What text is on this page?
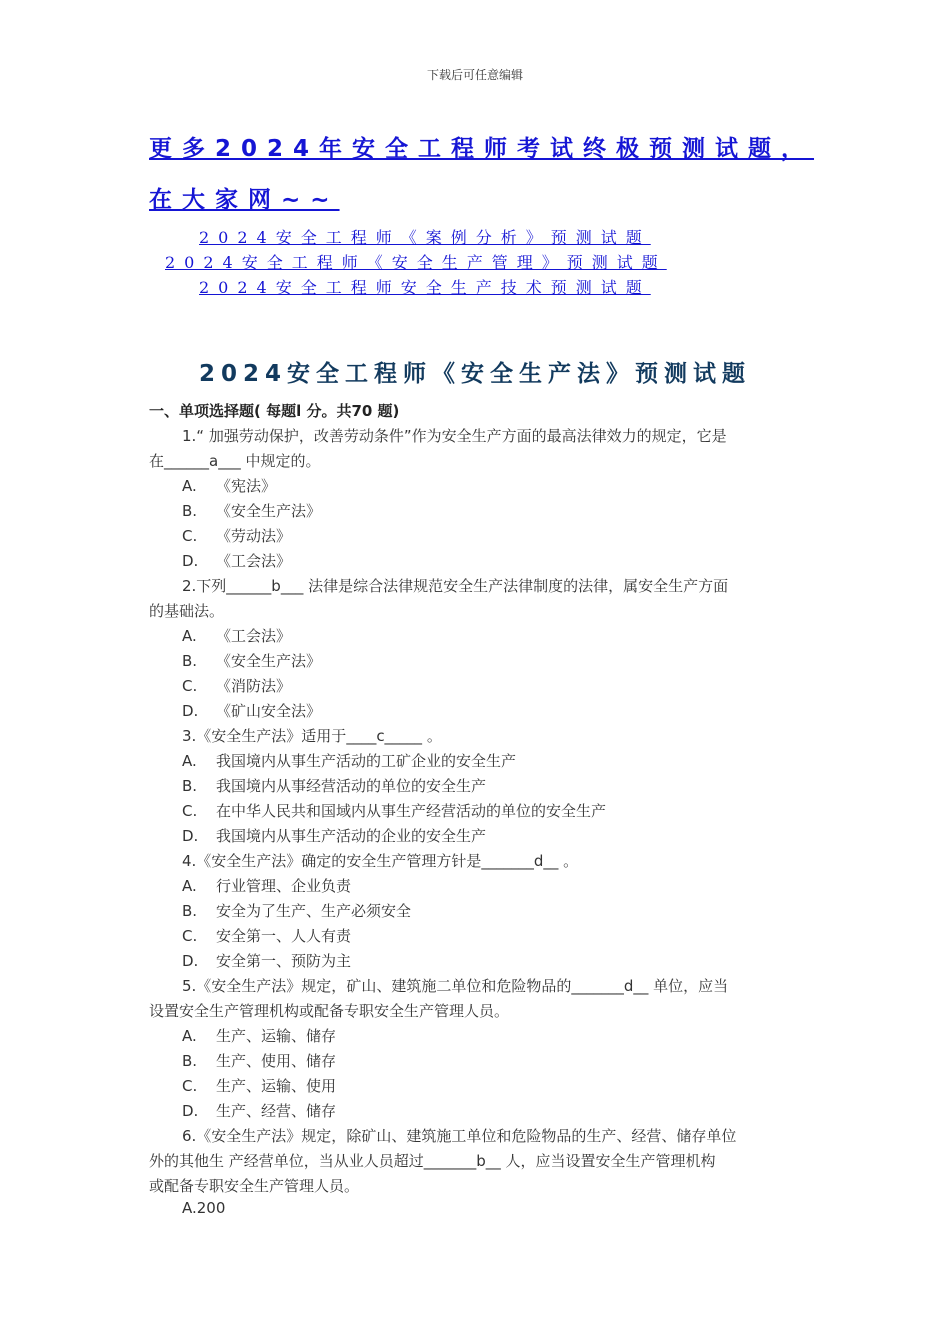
下载后可任意编辑
更多2024年安全工程师考试终极预测试题，
在大家网~~
2024安全工程师《案例分析》预测试题
2024安全工程师《安全生产管理》预测试题
2024安全工程师安全生产技术预测试题
2024安全工程师《安全生产法》预测试题
一、单项选择题( 每题l 分。共70 题)
1.“ 加强劳动保护，改善劳动条件”作为安全生产方面的最高法律效力的规定，它是
在______a___ 中规定的。
A. 《宪法》
B. 《安全生产法》
C. 《劳动法》
D. 《工会法》
2.下列______b___ 法律是综合法律规范安全生产法律制度的法律，属安全生产方面
的基础法。
A. 《工会法》
B. 《安全生产法》
C. 《消防法》
D. 《矿山安全法》
3.《安全生产法》适用于____c_____ 。
A. 我国境内从事生产活动的工矿企业的安全生产
B. 我国境内从事经营活动的单位的安全生产
C. 在中华人民共和国域内从事生产经营活动的单位的安全生产
D. 我国境内从事生产活动的企业的安全生产
4.《安全生产法》确定的安全生产管理方针是_______d__ 。
A. 行业管理、企业负责
B. 安全为了生产、生产必须安全
C. 安全第一、人人有责
D. 安全第一、预防为主
5.《安全生产法》规定，矿山、建筑施二单位和危险物品的_______d__ 单位，应当
设置安全生产管理机构或配备专职安全生产管理人员。
A. 生产、运输、储存
B. 生产、使用、储存
C. 生产、运输、使用
D. 生产、经营、储存
6.《安全生产法》规定，除矿山、建筑施工单位和危险物品的生产、经营、储存单位
外的其他生 产经营单位，当从业人员超过_______b__ 人，应当设置安全生产管理机构
或配备专职安全生产管理人员。
A.200
